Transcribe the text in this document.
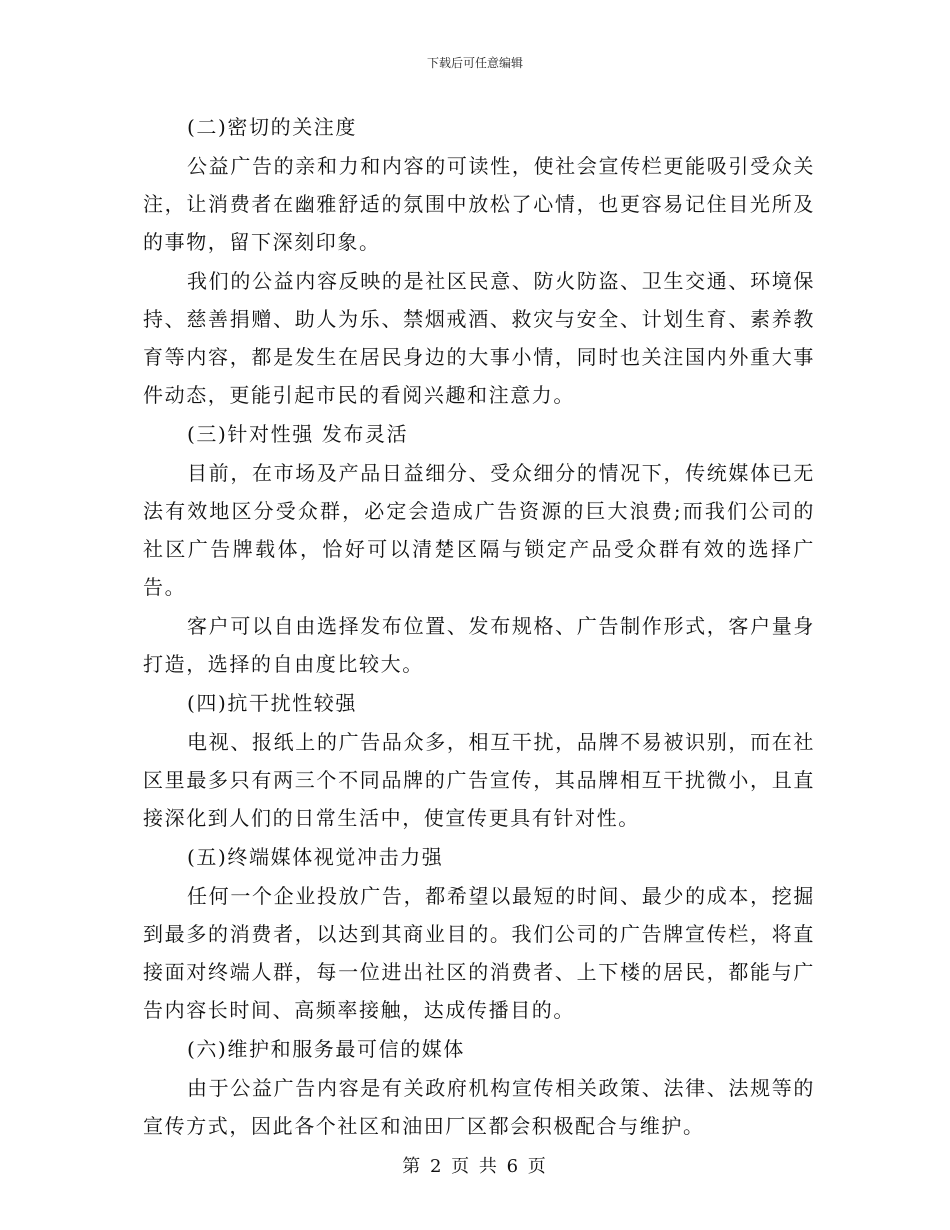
下载后可任意编辑

(二)密切的关注度

公益广告的亲和力和内容的可读性，使社会宣传栏更能吸引受众关注，让消费者在幽雅舒适的氛围中放松了心情，也更容易记住目光所及的事物，留下深刻印象。

我们的公益内容反映的是社区民意、防火防盗、卫生交通、环境保持、慈善捐赠、助人为乐、禁烟戒酒、救灾与安全、计划生育、素养教育等内容，都是发生在居民身边的大事小情，同时也关注国内外重大事件动态，更能引起市民的看阅兴趣和注意力。

(三)针对性强 发布灵活

目前，在市场及产品日益细分、受众细分的情况下，传统媒体已无法有效地区分受众群，必定会造成广告资源的巨大浪费;而我们公司的社区广告牌载体，恰好可以清楚区隔与锁定产品受众群有效的选择广告。

客户可以自由选择发布位置、发布规格、广告制作形式，客户量身打造，选择的自由度比较大。

(四)抗干扰性较强

电视、报纸上的广告品众多，相互干扰，品牌不易被识别，而在社区里最多只有两三个不同品牌的广告宣传，其品牌相互干扰微小，且直接深化到人们的日常生活中，使宣传更具有针对性。

(五)终端媒体视觉冲击力强

任何一个企业投放广告，都希望以最短的时间、最少的成本，挖掘到最多的消费者，以达到其商业目的。我们公司的广告牌宣传栏，将直接面对终端人群，每一位进出社区的消费者、上下楼的居民，都能与广告内容长时间、高频率接触，达成传播目的。

(六)维护和服务最可信的媒体

由于公益广告内容是有关政府机构宣传相关政策、法律、法规等的宣传方式，因此各个社区和油田厂区都会积极配合与维护。

第 2 页 共 6 页
